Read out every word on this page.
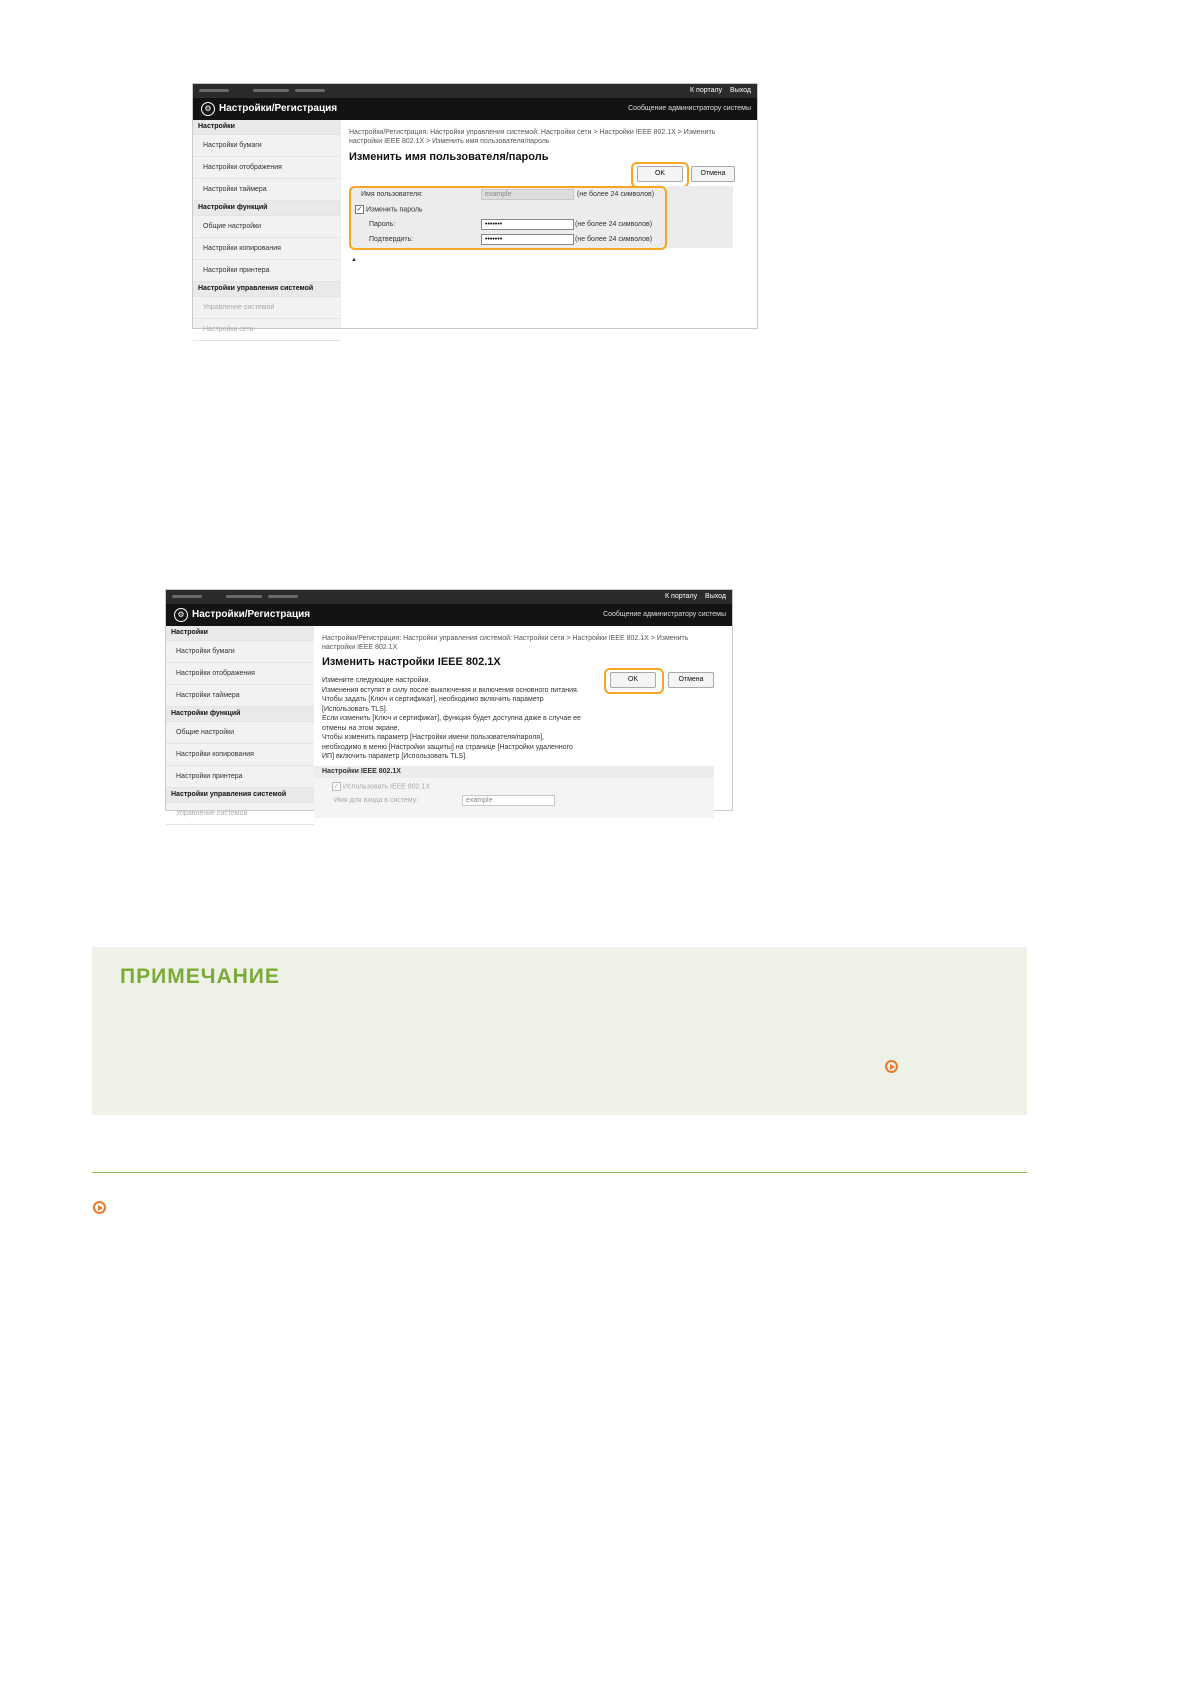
К порталу Выход
⚙ Настройки/Регистрация	Сообщение администратору системы
Настройки
Настройки бумаги
Настройки отображения
Настройки таймера
Настройки функций
Общие настройки
Настройки копирования
Настройки принтера
Настройки управления системой
Управление системой
Настройки сети
Настройки/Регистрация: Настройки управления системой: Настройки сети > Настройки IEEE 802.1X > Изменить настройки IEEE 802.1X > Изменить имя пользователя/пароль
Изменить имя пользователя/пароль
OK	Отмена
Имя пользователя:	example	(не более 24 символов)
✓ Изменить пароль
Пароль:	•••••••	(не более 24 символов)
Подтвердить:	•••••••	(не более 24 символов)
▲
К порталу Выход
⚙ Настройки/Регистрация	Сообщение администратору системы
Настройки
Настройки бумаги
Настройки отображения
Настройки таймера
Настройки функций
Общие настройки
Настройки копирования
Настройки принтера
Настройки управления системой
Управление системой
Настройки/Регистрация: Настройки управления системой: Настройки сети > Настройки IEEE 802.1X > Изменить настройки IEEE 802.1X
Изменить настройки IEEE 802.1X
OK	Отмена
Измените следующие настройки.
Изменения вступят в силу после выключения и включения основного питания.
Чтобы задать [Ключ и сертификат], необходимо включить параметр
[Использовать TLS].
Если изменить [Ключ и сертификат], функция будет доступна даже в случае ее
отмены на этом экране.
Чтобы изменить параметр [Настройки имени пользователя/пароля],
необходимо в меню [Настройки защиты] на странице [Настройки удаленного
ИП] включить параметр [Использовать TLS].
Настройки IEEE 802.1X
✓ Использовать IEEE 802.1X
Имя для входа в систему:	example
ПРИМЕЧАНИЕ
